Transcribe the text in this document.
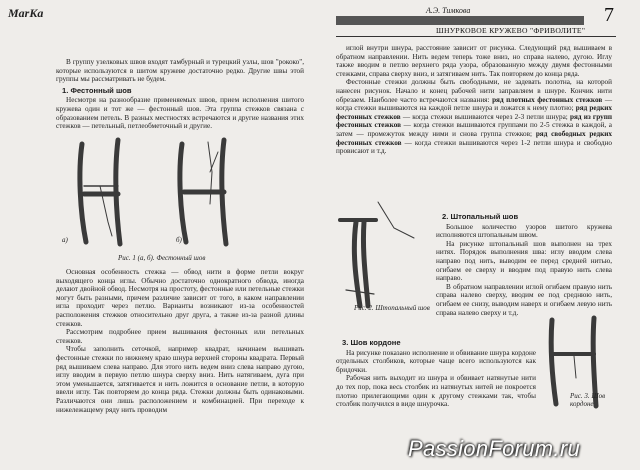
МarKa	А.Э. Тимкова
ШНУРКОВОЕ КРУЖЕВО "ФРИВОЛИТЕ"
7

В группу узелковых швов входят тамбурный и турецкий узлы, шов "рококо", которые используются в шитом кружеве достаточно редко. Другие швы этой группы мы рассматривать не будем.

1. Фестонный шов

Несмотря на разнообразие применяемых швов, прием исполнения шитого кружева один и тот же — фестонный шов. Эта группа стежков связана с образованием петель. В разных местностях встречаются и другие названия этих стежков — петельный, петлеобметочный и другие.

а)	б)
Рис. 1 (а, б). Фестонный шов

Основная особенность стежка — обвод нити в форме петли вокруг выходящего конца иглы. Обычно достаточно однократного обвода, иногда делают двойной обвод. Несмотря на простоту, фестонные или петельные стежки могут быть разными, причем различие зависит от того, в каком направлении игла проходит через петлю. Варианты возникают из-за особенностей расположения стежков относительно друг друга, а также из-за разной длины стежков.

Рассмотрим подробнее прием вышивания фестонных или петельных стежков.

Чтобы заполнить сеточкой, например квадрат, начинаем вышивать фестонные стежки по нижнему краю шнура верхней стороны квадрата. Первый ряд вышиваем слева направо. Для этого нить ведем вниз слева направо дугою, иглу вводим в первую петлю шнура сверху вниз. Нить натягиваем, дуга при этом уменьшается, затягивается и нить ложится в основание петли, в которую ввели иглу. Так повторяем до конца ряда. Стежки должны быть одинаковыми. Различаются они лишь расположением и комбинацией. При переходе к нижележащему ряду нить проводим

иглой внутри шнура, расстояние зависит от рисунка. Следующий ряд вышиваем в обратном направлении. Нить ведем теперь тоже вниз, но справа налево, дугою. Иглу также вводим в петлю верхнего ряда узора, образованную между двумя фестонными стежками, справа сверху вниз, и затягиваем нить. Так повторяем до конца ряда.

Фестонные стежки должны быть свободными, не задевать полотна, на которой нанесен рисунок. Начало и конец рабочей нити заправляем в шнуре. Кончик нити обрезаем. Наиболее часто встречаются названия: ряд плотных фестонных стежков — когда стежки вышиваются на каждой петле шнура и ложатся к нему плотно; ряд редких фестонных стежков — когда стежки вышиваются через 2-3 петли шнура; ряд из групп фестонных стежков — когда стежки вышиваются группами по 2-5 стежка в каждой, а затем — промежуток между ними и снова группа стежков; ряд свободных редких фестонных стежков — когда стежки вышиваются через 1-2 петли шнура и свободно провисают и т.д.

Рис. 2. Штопальный шов
2. Штопальный шов

Большое количество узоров шитого кружева исполняются штопальным швом.

На рисунке штопальный шов выполнен на трех нитях. Порядок выполнения шва: иглу вводим слева направо под нить, выводим ее перед средней нитью, огибаем ее сверху и вводим под правую нить слева направо.

В обратном направлении иглой огибаем правую нить справа налево сверху, вводим ее под среднюю нить, огибаем ее снизу, выводим наверх и огибаем левую нить справа налево сверху и т.д.

3. Шов кордоне

На рисунке показано исполнение и обвивание шнура кордоне отдельных столбиков, которые чаще всего используются как бридочки.

Рабочая нить выходит из шнура и обвивает натянутые нити до тех пор, пока весь столбик из натянутых нитей не покроется плотно прилегающими один к другому стежками так, чтобы столбик получился в виде шнурочка.

Рис. 3. Шов кордоне
PassionForum.ru
